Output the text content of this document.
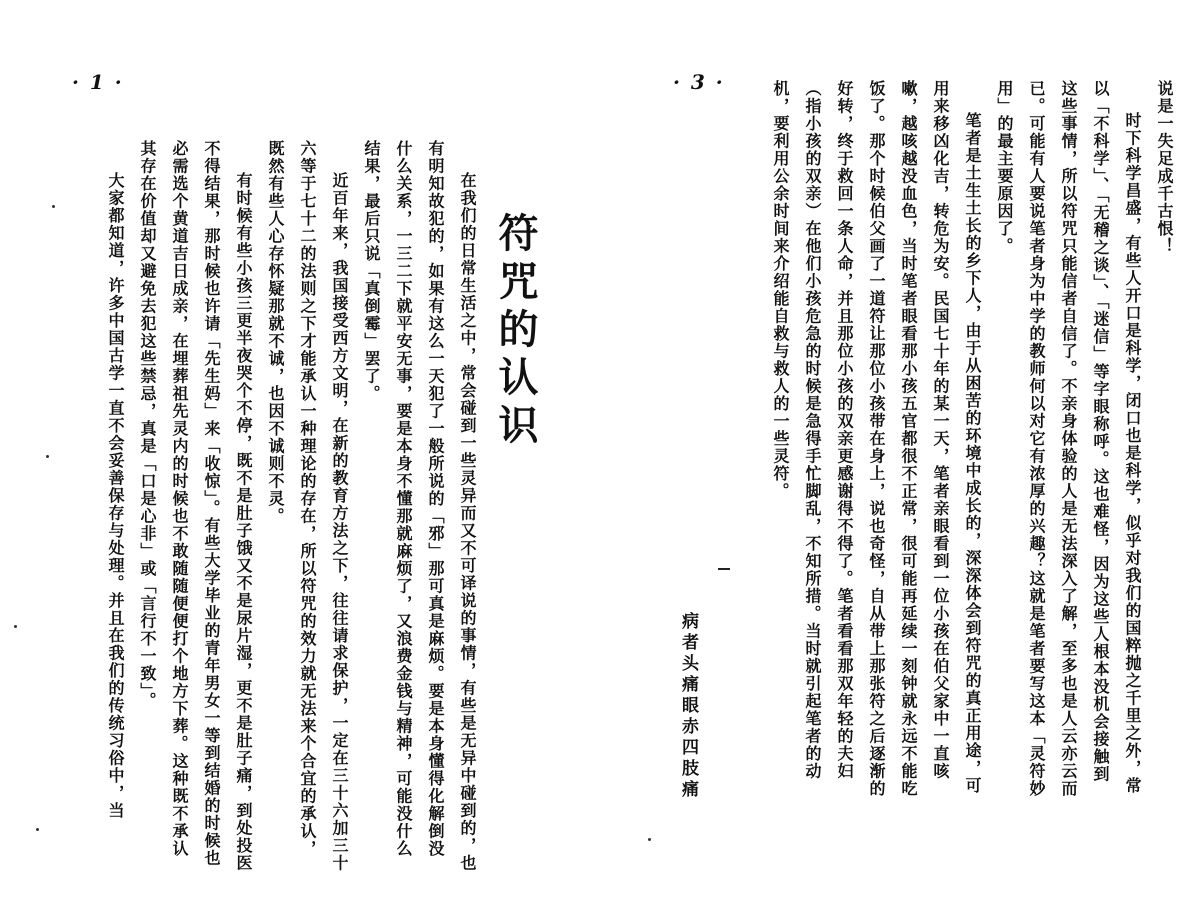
· 1 ·
符咒的认识

在我们的日常生活之中，常会碰到一些灵异而又不可译说的事情，有些是无异中碰到的，也有明知故犯的，如果有这么一天犯了一般所说的「邪」那可真是麻烦。要是本身懂得化解倒没什么关系，一三二下就平安无事，要是本身不懂那就麻烦了，又浪费金钱与精神，可能没什么结果，最后只说「真倒霉」罢了。

近百年来，我国接受西方文明，在新的教育方法之下，往往请求保护，一定在三十六加三十六等于七十二的法则之下才能承认一种理论的存在，所以符咒的效力就无法来个合宜的承认，既然有些人心存怀疑那就不诚，也因不诚则不灵。

有时候有些小孩三更半夜哭个不停，既不是肚子饿又不是尿片湿，更不是肚子痛，到处投医不得结果，那时候也许请「先生妈」来「收惊」。有些大学毕业的青年男女一等到结婚的时候也必需选个黄道吉日成亲，在埋葬祖先灵内的时候也不敢随随便便打个地方下葬。这种既不承认其存在价值却又避免去犯这些禁忌，真是「口是心非」或「言行不一致」。

大家都知道，许多中国古学一直不会妥善保存与处理。并且在我们的传统习俗中，当

· 3 ·	说是一失足成千古恨！

时下科学昌盛，有些人开口是科学，闭口也是科学，似乎对我们的国粹抛之千里之外，常以「不科学」、「无稽之谈」、「迷信」等字眼称呼。这也难怪，因为这些人根本没机会接触到这些事情，所以符咒只能信者自信了。不亲身体验的人是无法深入了解，至多也是人云亦云而已。可能有人要说笔者身为中学的教师何以对它有浓厚的兴趣？这就是笔者要写这本「灵符妙用」的最主要原因了。

笔者是土生土长的乡下人，由于从困苦的环境中成长的，深深体会到符咒的真正用途，可用来移凶化吉，转危为安。民国七十年的某一天，笔者亲眼看到一位小孩在伯父家中一直咳嗽，越咳越没血色，当时笔者眼看那小孩五官都很不正常，很可能再延续一刻钟就永远不能吃饭了。那个时候伯父画了一道符让那位小孩带在身上，说也奇怪，自从带上那张符之后逐渐的好转，终于救回一条人命，并且那位小孩的双亲更感谢得不得了。笔者看看那双年轻的夫妇（指小孩的双亲）在他们小孩危急的时候是急得手忙脚乱，不知所措。当时就引起笔者的动机，要利用公余时间来介绍能自救与救人的一些灵符。

病者头痛眼赤四肢痛
